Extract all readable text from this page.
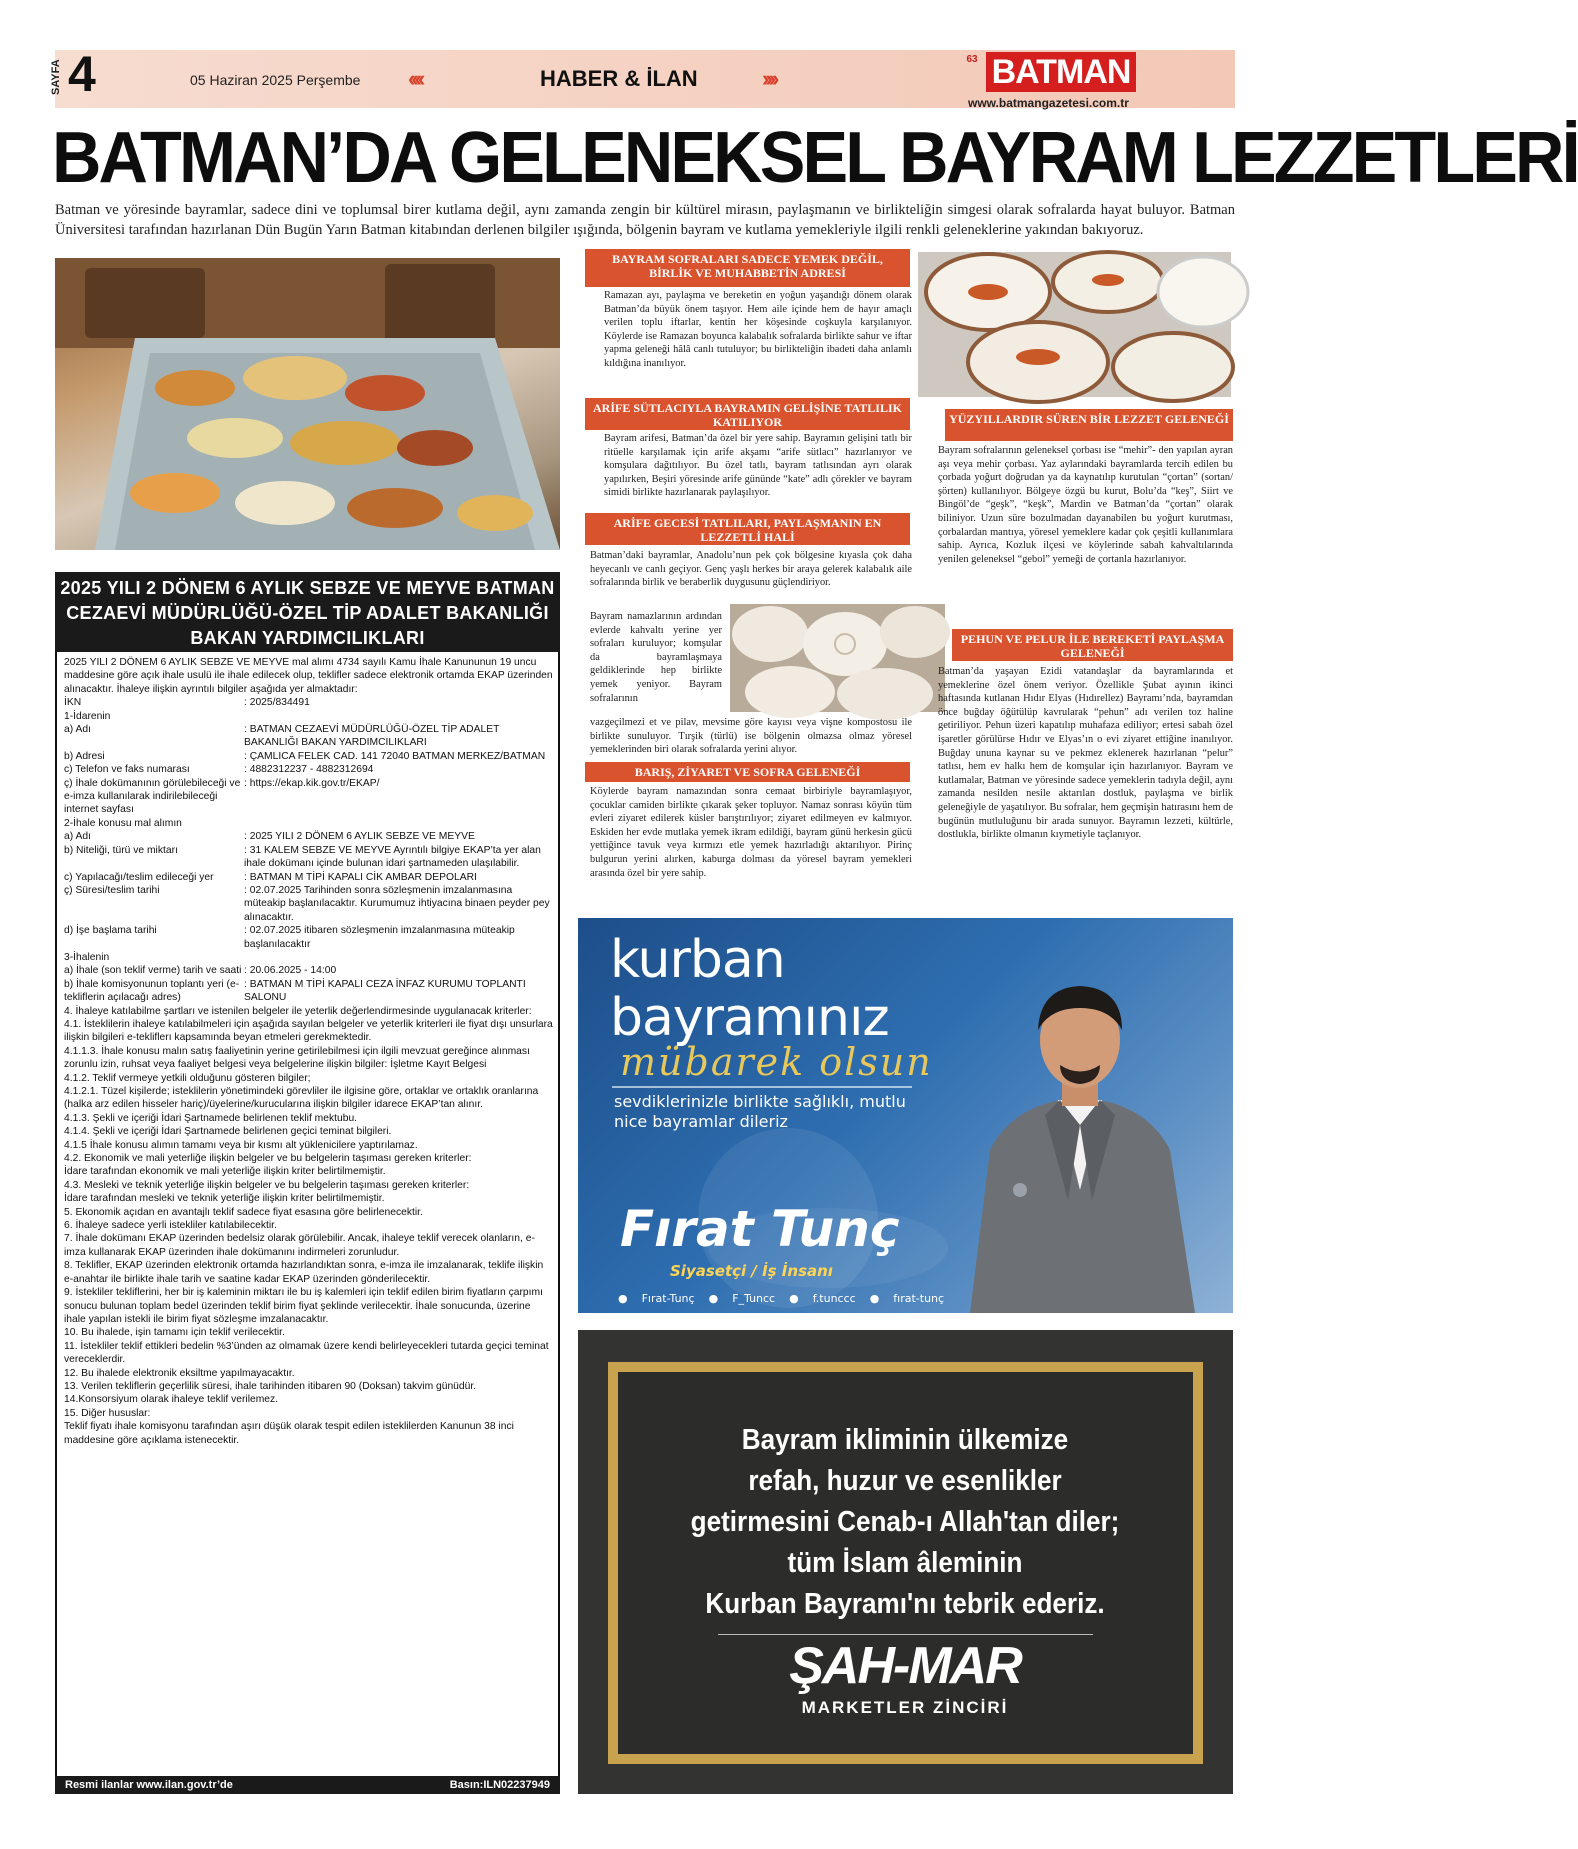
SAYFA 4	05 Haziran 2025 Perşembe ‹‹‹‹	HABER & İLAN	››››
63 BATMAN
www.batmangazetesi.com.tr
BATMAN’DA GELENEKSEL BAYRAM LEZZETLERİ
Batman ve yöresinde bayramlar, sadece dini ve toplumsal birer kutlama değil, aynı zamanda zengin bir kültürel mirasın, paylaşmanın ve birlikteliğin simgesi olarak sofralarda hayat buluyor. Batman Üniversitesi tarafından hazırlanan Dün Bugün Yarın Batman kitabından derlenen bilgiler ışığında, bölgenin bayram ve kutlama yemekleriyle ilgili renkli geleneklerine yakından bakıyoruz.
BAYRAM SOFRALARI SADECE YEMEK DEĞİL, BİRLİK VE MUHABBETİN ADRESİ
Ramazan ayı, paylaşma ve bereketin en yoğun yaşandığı dönem olarak Batman’da büyük önem taşıyor. Hem aile içinde hem de hayır amaçlı verilen toplu iftarlar, kentin her köşesinde coşkuyla karşılanıyor. Köylerde ise Ramazan boyunca kalabalık sofralarda birlikte sahur ve iftar yapma geleneği hâlâ canlı tutuluyor; bu birlikteliğin ibadeti daha anlamlı kıldığına inanılıyor.
ARİFE SÜTLACIYLA BAYRAMIN GELİŞİNE TATLILIK KATILIYOR
Bayram arifesi, Batman’da özel bir yere sahip. Bayramın gelişini tatlı bir ritüelle karşılamak için arife akşamı “arife sütlacı” hazırlanıyor ve komşulara dağıtılıyor. Bu özel tatlı, bayram tatlısından ayrı olarak yapılırken, Beşiri yöresinde arife gününde “kate” adlı çörekler ve bayram simidi birlikte hazırlanarak paylaşılıyor.
ARİFE GECESİ TATLILARI, PAYLAŞMANIN EN LEZZETLİ HALİ
Batman’daki bayramlar, Anadolu’nun pek çok bölgesine kıyasla çok daha heyecanlı ve canlı geçiyor. Genç yaşlı herkes bir araya gelerek kalabalık aile sofralarında birlik ve beraberlik duygusunu güçlendiriyor.
Bayram namazlarının ardından evlerde kahvaltı yerine yer sofraları kuruluyor; komşular da bayramlaşmaya geldiklerinde hep birlikte yemek yeniyor. Bayram sofralarının
vazgeçilmezi et ve pilav, mevsime göre kayısı veya vişne kompostosu ile birlikte sunuluyor. Tırşik (türlü) ise bölgenin olmazsa olmaz yöresel yemeklerinden biri olarak sofralarda yerini alıyor.
BARIŞ, ZİYARET VE SOFRA GELENEĞİ
Köylerde bayram namazından sonra cemaat birbiriyle bayramlaşıyor, çocuklar camiden birlikte çıkarak şeker topluyor. Namaz sonrası köyün tüm evleri ziyaret edilerek küsler barıştırılıyor; ziyaret edilmeyen ev kalmıyor. Eskiden her evde mutlaka yemek ikram edildiği, bayram günü herkesin gücü yettiğince tavuk veya kırmızı etle yemek hazırladığı aktarılıyor. Pirinç bulgurun yerini alırken, kaburga dolması da yöresel bayram yemekleri arasında özel bir yere sahip.
YÜZYILLARDIR SÜREN BİR LEZZET GELENEĞİ
Bayram sofralarının geleneksel çorbası ise “mehir”- den yapılan ayran aşı veya mehir çorbası. Yaz aylarındaki bayramlarda tercih edilen bu çorbada yoğurt doğrudan ya da kaynatılıp kurutulan “çortan” (sortan/ şörten) kullanılıyor. Bölgeye özgü bu kurut, Bolu’da “keş”, Siirt ve Bingöl’de “geşk”, “keşk”, Mardin ve Batman’da “çortan” olarak biliniyor. Uzun süre bozulmadan dayanabilen bu yoğurt kurutması, çorbalardan mantıya, yöresel yemeklere kadar çok çeşitli kullanımlara sahip. Ayrıca, Kozluk ilçesi ve köylerinde sabah kahvaltılarında yenilen geleneksel “gebol” yemeği de çortanla hazırlanıyor.
PEHUN VE PELUR İLE BEREKETİ PAYLAŞMA GELENEĞİ
Batman’da yaşayan Ezidi vatandaşlar da bayramlarında et yemeklerine özel önem veriyor. Özellikle Şubat ayının ikinci haftasında kutlanan Hıdır Elyas (Hıdırellez) Bayramı’nda, bayramdan önce buğday öğütülüp kavrularak “pehun” adı verilen toz haline getiriliyor. Pehun üzeri kapatılıp muhafaza ediliyor; ertesi sabah özel işaretler görülürse Hıdır ve Elyas’ın o evi ziyaret ettiğine inanılıyor. Buğday ununa kaynar su ve pekmez eklenerek hazırlanan “pelur” tatlısı, hem ev halkı hem de komşular için hazırlanıyor. Bayram ve kutlamalar, Batman ve yöresinde sadece yemeklerin tadıyla değil, aynı zamanda nesilden nesile aktarılan dostluk, paylaşma ve birlik geleneğiyle de yaşatılıyor. Bu sofralar, hem geçmişin hatırasını hem de bugünün mutluluğunu bir arada sunuyor. Bayramın lezzeti, kültürle, dostlukla, birlikte olmanın kıymetiyle taçlanıyor.
2025 YILI 2 DÖNEM 6 AYLIK SEBZE VE MEYVE BATMAN CEZAEVİ MÜDÜRLÜĞÜ-ÖZEL TİP ADALET BAKANLIĞI BAKAN YARDIMCILIKLARI
2025 YILI 2 DÖNEM 6 AYLIK SEBZE VE MEYVE mal alımı 4734 sayılı Kamu İhale Kanununun 19 uncu maddesine göre açık ihale usulü ile ihale edilecek olup, teklifler sadece elektronik ortamda EKAP üzerinden alınacaktır. İhaleye ilişkin ayrıntılı bilgiler aşağıda yer almaktadır:
İKN	: 2025/834491
1-İdarenin
a) Adı	: BATMAN CEZAEVİ MÜDÜRLÜĞÜ-ÖZEL TİP ADALET BAKANLIĞI BAKAN YARDIMCILIKLARI
b) Adresi	: ÇAMLICA FELEK CAD. 141 72040 BATMAN MERKEZ/BATMAN
c) Telefon ve faks numarası	: 4882312237 - 4882312694
ç) İhale dokümanının görülebileceği ve e-imza kullanılarak indirilebileceği internet sayfası
: https://ekap.kik.gov.tr/EKAP/
2-İhale konusu mal alımın
a) Adı	: 2025 YILI 2 DÖNEM 6 AYLIK SEBZE VE MEYVE
b) Niteliği, türü ve miktarı	: 31 KALEM SEBZE VE MEYVE Ayrıntılı bilgiye EKAP’ta yer alan ihale dokümanı içinde bulunan idari şartnameden ulaşılabilir.
c) Yapılacağı/teslim edileceği yer	: BATMAN M TİPİ KAPALI CİK AMBAR DEPOLARI
ç) Süresi/teslim tarihi	: 02.07.2025 Tarihinden sonra sözleşmenin imzalanmasına müteakip başlanılacaktır. Kurumumuz ihtiyacına binaen peyder pey alınacaktır.
d) İşe başlama tarihi	: 02.07.2025 itibaren sözleşmenin imzalanmasına müteakip başlanılacaktır
3-İhalenin
a) İhale (son teklif verme) tarih ve saati : 20.06.2025 - 14:00
b) İhale komisyonunun toplantı yeri (e-tekliflerin açılacağı adres)
: BATMAN M TİPİ KAPALI CEZA İNFAZ KURUMU TOPLANTI SALONU
4. İhaleye katılabilme şartları ve istenilen belgeler ile yeterlik değerlendirmesinde uygulanacak kriterler:
4.1. İsteklilerin ihaleye katılabilmeleri için aşağıda sayılan belgeler ve yeterlik kriterleri ile fiyat dışı unsurlara ilişkin bilgileri e-tekliflerı kapsamında beyan etmeleri gerekmektedir.
4.1.1.3. İhale konusu malın satış faaliyetinin yerine getirilebilmesi için ilgili mevzuat gereğince alınması zorunlu izin, ruhsat veya faaliyet belgesi veya belgelerine ilişkin bilgiler: İşletme Kayıt Belgesi
4.1.2. Teklif vermeye yetkili olduğunu gösteren bilgiler;
4.1.2.1. Tüzel kişilerde; isteklilerin yönetimindeki görevliler ile ilgisine göre, ortaklar ve ortaklık oranlarına (halka arz edilen hisseler hariç)/üyelerine/kurucularına ilişkin bilgiler idarece EKAP’tan alınır.
4.1.3. Şekli ve içeriği İdari Şartnamede belirlenen teklif mektubu.
4.1.4. Şekli ve içeriği İdari Şartnamede belirlenen geçici teminat bilgileri.
4.1.5 İhale konusu alımın tamamı veya bir kısmı alt yüklenicilere yaptırılamaz.
4.2. Ekonomik ve mali yeterliğe ilişkin belgeler ve bu belgelerin taşıması gereken kriterler:
İdare tarafından ekonomik ve mali yeterliğe ilişkin kriter belirtilmemiştir.
4.3. Mesleki ve teknik yeterliğe ilişkin belgeler ve bu belgelerin taşıması gereken kriterler:
İdare tarafından mesleki ve teknik yeterliğe ilişkin kriter belirtilmemiştir.
5. Ekonomik açıdan en avantajlı teklif sadece fiyat esasına göre belirlenecektir.
6. İhaleye sadece yerli istekliler katılabilecektir.
7. İhale dokümanı EKAP üzerinden bedelsiz olarak görülebilir. Ancak, ihaleye teklif verecek olanların, e-imza kullanarak EKAP üzerinden ihale dokümanını indirmeleri zorunludur.
8. Teklifler, EKAP üzerinden elektronik ortamda hazırlandıktan sonra, e-imza ile imzalanarak, teklife ilişkin e-anahtar ile birlikte ihale tarih ve saatine kadar EKAP üzerinden gönderilecektir.
9. İstekliler tekliflerini, her bir iş kaleminin miktarı ile bu iş kalemleri için teklif edilen birim fiyatların çarpımı sonucu bulunan toplam bedel üzerinden teklif birim fiyat şeklinde verilecektir. İhale sonucunda, üzerine ihale yapılan istekli ile birim fiyat sözleşme imzalanacaktır.
10. Bu ihalede, işin tamamı için teklif verilecektir.
11. İstekliler teklif ettikleri bedelin %3’ünden az olmamak üzere kendi belirleyecekleri tutarda geçici teminat vereceklerdir.
12. Bu ihalede elektronik eksiltme yapılmayacaktır.
13. Verilen tekliflerin geçerlilik süresi, ihale tarihinden itibaren 90 (Doksan) takvim günüdür.
14.Konsorsiyum olarak ihaleye teklif verilemez.
15. Diğer hususlar:
Teklif fiyatı ihale komisyonu tarafından aşırı düşük olarak tespit edilen isteklilerden Kanunun 38 inci maddesine göre açıklama istenecektir.
Resmi ilanlar www.ilan.gov.tr’de	Basın:ILN02237949
kurban
bayramınız
mübarek olsun
sevdiklerinizle birlikte sağlıklı, mutlu nice bayramlar dileriz
Fırat Tunç
Siyasetçi / İş İnsanı
● Fırat-Tunç ● F_Tuncc ● f.tunccc ● fırat-tunç
Bayram ikliminin ülkemize
refah, huzur ve esenlikler
getirmesini Cenab-ı Allah'tan diler;
tüm İslam âleminin
Kurban Bayramı'nı tebrik ederiz.
ŞAH-MAR
MARKETLER ZİNCİRİ
